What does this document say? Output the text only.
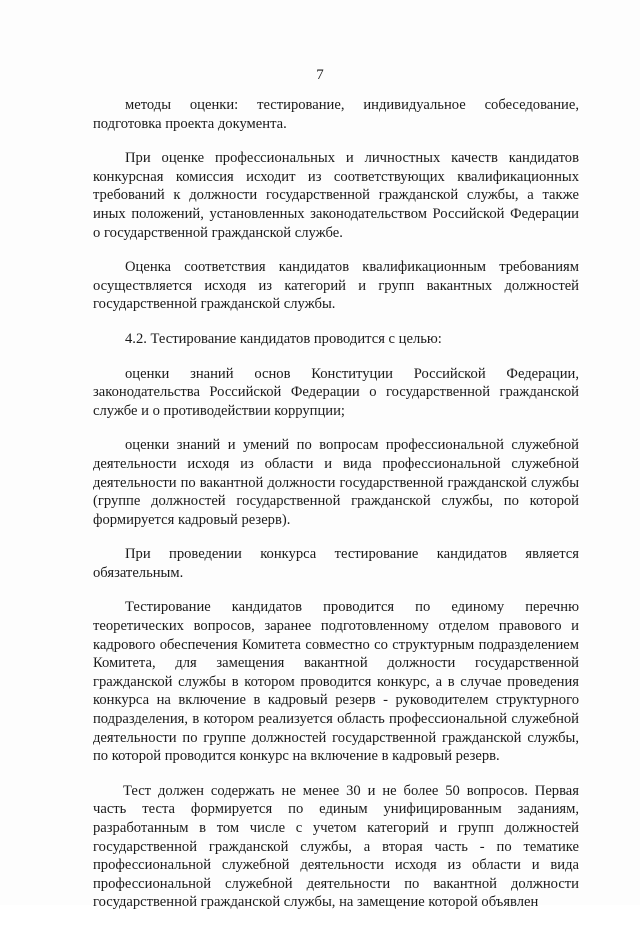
7

методы оценки: тестирование, индивидуальное собеседование, подготовка проекта документа.

При оценке профессиональных и личностных качеств кандидатов конкурсная комиссия исходит из соответствующих квалификационных требований к должности государственной гражданской службы, а также иных положений, установленных законодательством Российской Федерации о государственной гражданской службе.

Оценка соответствия кандидатов квалификационным требованиям осуществляется исходя из категорий и групп вакантных должностей государственной гражданской службы.

4.2. Тестирование кандидатов проводится с целью:

оценки знаний основ Конституции Российской Федерации, законодательства Российской Федерации о государственной гражданской службе и о противодействии коррупции;

оценки знаний и умений по вопросам профессиональной служебной деятельности исходя из области и вида профессиональной служебной деятельности по вакантной должности государственной гражданской службы (группе должностей государственной гражданской службы, по которой формируется кадровый резерв).

При проведении конкурса тестирование кандидатов является обязательным.

Тестирование кандидатов проводится по единому перечню теоретических вопросов, заранее подготовленному отделом правового и кадрового обеспечения Комитета совместно со структурным подразделением Комитета, для замещения вакантной должности государственной гражданской службы в котором проводится конкурс, а в случае проведения конкурса на включение в кадровый резерв - руководителем структурного подразделения, в котором реализуется область профессиональной служебной деятельности по группе должностей государственной гражданской службы, по которой проводится конкурс на включение в кадровый резерв.

Тест должен содержать не менее 30 и не более 50 вопросов. Первая часть теста формируется по единым унифицированным заданиям, разработанным в том числе с учетом категорий и групп должностей государственной гражданской службы, а вторая часть - по тематике профессиональной служебной деятельности исходя из области и вида профессиональной служебной деятельности по вакантной должности государственной гражданской службы, на замещение которой объявлен
